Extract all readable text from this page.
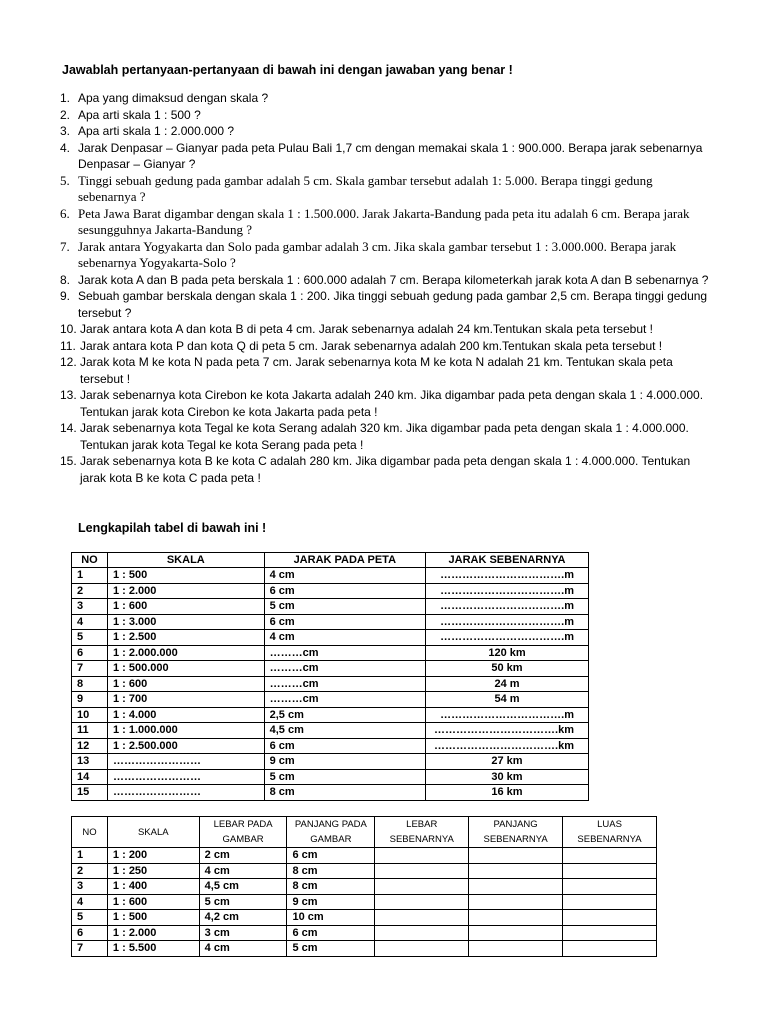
Jawablah pertanyaan-pertanyaan di bawah ini dengan jawaban yang benar !
1. Apa yang dimaksud dengan skala ?
2. Apa arti skala 1 : 500 ?
3. Apa arti skala 1 : 2.000.000 ?
4. Jarak Denpasar – Gianyar pada peta Pulau Bali 1,7 cm dengan memakai skala 1 : 900.000. Berapa jarak sebenarnya Denpasar – Gianyar ?
5. Tinggi sebuah gedung pada gambar adalah 5 cm. Skala gambar tersebut adalah 1: 5.000. Berapa tinggi gedung sebenarnya ?
6. Peta Jawa Barat digambar dengan skala 1 : 1.500.000. Jarak Jakarta-Bandung pada peta itu adalah 6 cm. Berapa jarak sesungguhnya Jakarta-Bandung ?
7. Jarak antara Yogyakarta dan Solo pada gambar adalah 3 cm. Jika skala gambar tersebut 1 : 3.000.000. Berapa jarak sebenarnya Yogyakarta-Solo ?
8. Jarak kota A dan B pada peta berskala 1 : 600.000 adalah 7 cm. Berapa kilometerkah jarak kota A dan B sebenarnya ?
9. Sebuah gambar berskala dengan skala 1 : 200. Jika tinggi sebuah gedung pada gambar 2,5 cm. Berapa tinggi gedung tersebut ?
10. Jarak antara kota A dan kota B di peta 4 cm. Jarak sebenarnya adalah 24 km.Tentukan skala peta tersebut !
11. Jarak antara kota P dan kota Q di peta 5 cm. Jarak sebenarnya adalah 200 km.Tentukan skala peta tersebut !
12. Jarak kota M ke kota N pada peta 7 cm. Jarak sebenarnya kota M ke kota N adalah 21 km. Tentukan skala peta tersebut !
13. Jarak sebenarnya kota Cirebon ke kota Jakarta adalah 240 km. Jika digambar pada peta dengan skala 1 : 4.000.000. Tentukan jarak kota Cirebon ke kota Jakarta pada peta !
14. Jarak sebenarnya kota Tegal ke kota Serang adalah 320 km. Jika digambar pada peta dengan skala 1 : 4.000.000. Tentukan jarak kota Tegal ke kota Serang pada peta !
15. Jarak sebenarnya kota B ke kota C adalah 280 km. Jika digambar pada peta dengan skala 1 : 4.000.000. Tentukan jarak kota B ke kota C pada peta !
Lengkapilah tabel di bawah ini !
NO	SKALA	JARAK PADA PETA	JARAK SEBENARNYA
1	1 : 500	4 cm	…………………………….m
2	1 : 2.000	6 cm	…………………………….m
3	1 : 600	5 cm	…………………………….m
4	1 : 3.000	6 cm	…………………………….m
5	1 : 2.500	4 cm	…………………………….m
6	1 : 2.000.000	………cm	120 km
7	1 : 500.000	………cm	50 km
8	1 : 600	………cm	24 m
9	1 : 700	………cm	54 m
10	1 : 4.000	2,5 cm	…………………………….m
11	1 : 1.000.000	4,5 cm	…………………………….km
12	1 : 2.500.000	6 cm	…………………………….km
13	……………………	9 cm	27 km
14	……………………	5 cm	30 km
15	……………………	8 cm	16 km
NO	SKALA	LEBAR PADA GAMBAR	PANJANG PADA GAMBAR	LEBAR SEBENARNYA	PANJANG SEBENARNYA	LUAS SEBENARNYA
1	1 : 200	2 cm	6 cm			
2	1 : 250	4 cm	8 cm			
3	1 : 400	4,5 cm	8 cm			
4	1 : 600	5 cm	9 cm			
5	1 : 500	4,2 cm	10 cm			
6	1 : 2.000	3 cm	6 cm			
7	1 : 5.500	4 cm	5 cm			
